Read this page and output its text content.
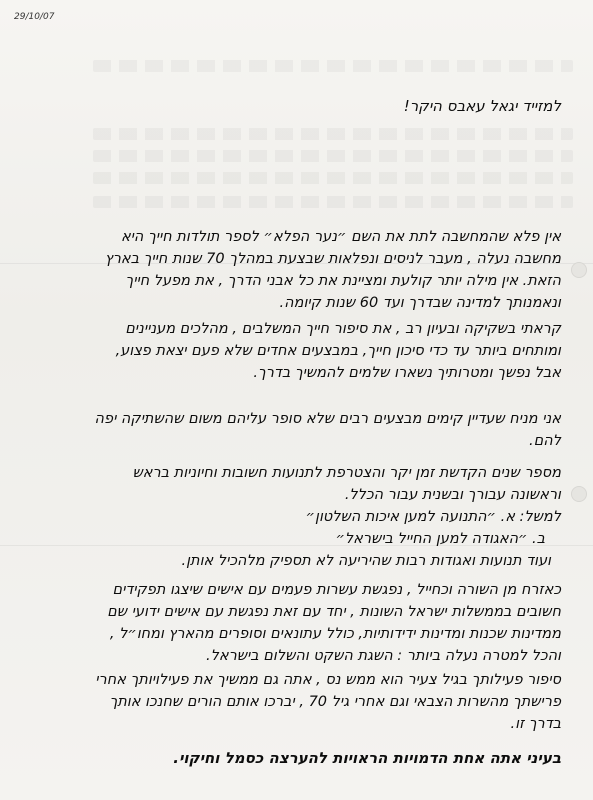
29/10/07
למזייד יגאל עאבס היקר!
אין פלא שהמחשבה לתת את השם ״נער הפלא״ לספר תולדות חייך היא
מחשבה נעלה , מעבר לניסים ונפלאות שבצעת במהלך 70 שנות חייך בארץ
הזאת. אין מילה יותר קולעת ומציינת את כל אבני הדרך , את מפעל חייך
ונאמנותך למדינה שבדרך ועד 60 שנות קיומה.
קראתי בשקיקה ובעיון רב , את סיפור חייך המשלבים , מהלכים מעניינים
ומותחים ביותר עד כדי סיכון חייך, במבצעים אחדים שלא פעם יצאת פצוע,
אבל נפשך ומטרותיך נשארו שלמים להמשיך בדרך.
אני מניח שעדיין קימים מבצעים רבים שלא סופר עליהם משום שהשתיקה יפה
להם.
מספר שנים הקדשת זמן יקר והצטרפת לתנועות חשובות וחיוניות בראש
וראשונה עבורך ובשנית עבור הכלל.
למשל: א. ״התנועה למען איכות השלטון״
ב. ״האגודה למען החייל בישראל״
ועוד תנועות ואגודות רבות שהיריעה לא תספיק מלהכיל אותן.
כאזרח מן השורה וכחייל , נפגשת עשרות פעמים עם אישים שיצגו תפקידים
חשובים בממשלות ישראל השונות , יחד עם זאת נפגשת עם אישים ידועי שם
ממדינות שכנות ומדינות ידידותיות, כולל עתונאים וסופרים מהארץ ומחו״ל ,
והכל למטרה נעלה ביותר : השגת השקט והשלום בישראל.
סיפור פעילותך בגיל צעיר הוא ממש נס , אתה גם ממשיך את פעילויותך אחרי
פרישתך מהשרות הצבאי וגם אחרי גיל 70 , יברכו אותם הורים שחנכו אותך
בדרך זו.
בעיני אתה אחת הדמויות הראויות להערצה כסמל וחיקוי.
